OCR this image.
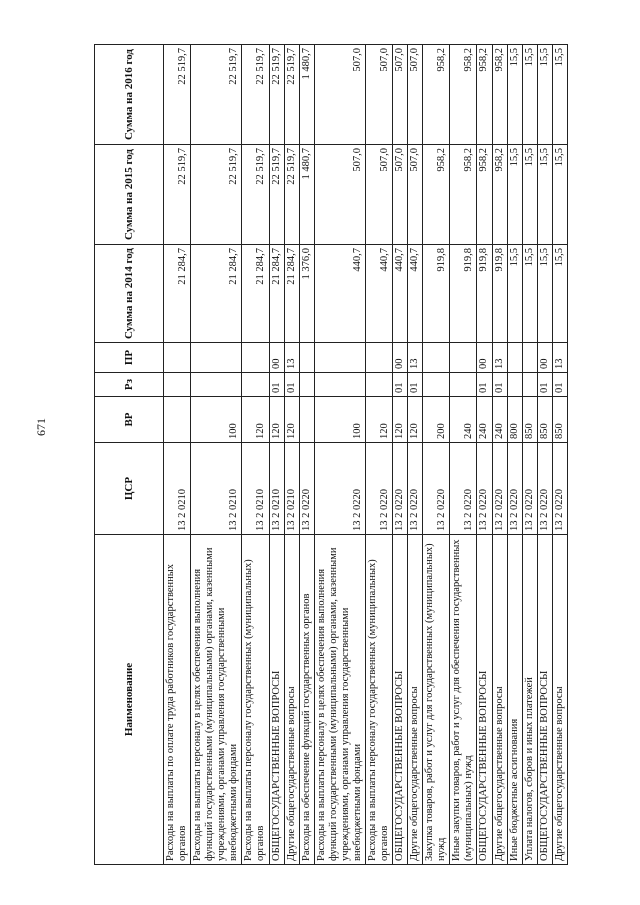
671
Наименование	ЦСР	ВР	Рз	ПР	Сумма на 2014 год	Сумма на 2015 год	Сумма на 2016 год
Расходы на выплаты по оплате труда работников государственных органов	13 2 0210				21 284,7	22 519,7	22 519,7
Расходы на выплаты персоналу в целях обеспечения выполнения функций государственными (муниципальными) органами, казенными учреждениями, органами управления государственными внебюджетными фондами	13 2 0210	100			21 284,7	22 519,7	22 519,7
Расходы на выплаты персоналу государственных (муниципальных) органов	13 2 0210	120			21 284,7	22 519,7	22 519,7
ОБЩЕГОСУДАРСТВЕННЫЕ ВОПРОСЫ	13 2 0210	120	01	00	21 284,7	22 519,7	22 519,7
Другие общегосударственные вопросы	13 2 0210	120	01	13	21 284,7	22 519,7	22 519,7
Расходы на обеспечение функций государственных органов	13 2 0220				1 376,0	1 480,7	1 480,7
Расходы на выплаты персоналу в целях обеспечения выполнения функций государственными (муниципальными) органами, казенными учреждениями, органами управления государственными внебюджетными фондами	13 2 0220	100			440,7	507,0	507,0
Расходы на выплаты персоналу государственных (муниципальных) органов	13 2 0220	120			440,7	507,0	507,0
ОБЩЕГОСУДАРСТВЕННЫЕ ВОПРОСЫ	13 2 0220	120	01	00	440,7	507,0	507,0
Другие общегосударственные вопросы	13 2 0220	120	01	13	440,7	507,0	507,0
Закупка товаров, работ и услуг для государственных (муниципальных) нужд	13 2 0220	200			919,8	958,2	958,2
Иные закупки товаров, работ и услуг для обеспечения государственных (муниципальных) нужд	13 2 0220	240			919,8	958,2	958,2
ОБЩЕГОСУДАРСТВЕННЫЕ ВОПРОСЫ	13 2 0220	240	01	00	919,8	958,2	958,2
Другие общегосударственные вопросы	13 2 0220	240	01	13	919,8	958,2	958,2
Иные бюджетные ассигнования	13 2 0220	800			15,5	15,5	15,5
Уплата налогов, сборов и иных платежей	13 2 0220	850			15,5	15,5	15,5
ОБЩЕГОСУДАРСТВЕННЫЕ ВОПРОСЫ	13 2 0220	850	01	00	15,5	15,5	15,5
Другие общегосударственные вопросы	13 2 0220	850	01	13	15,5	15,5	15,5
